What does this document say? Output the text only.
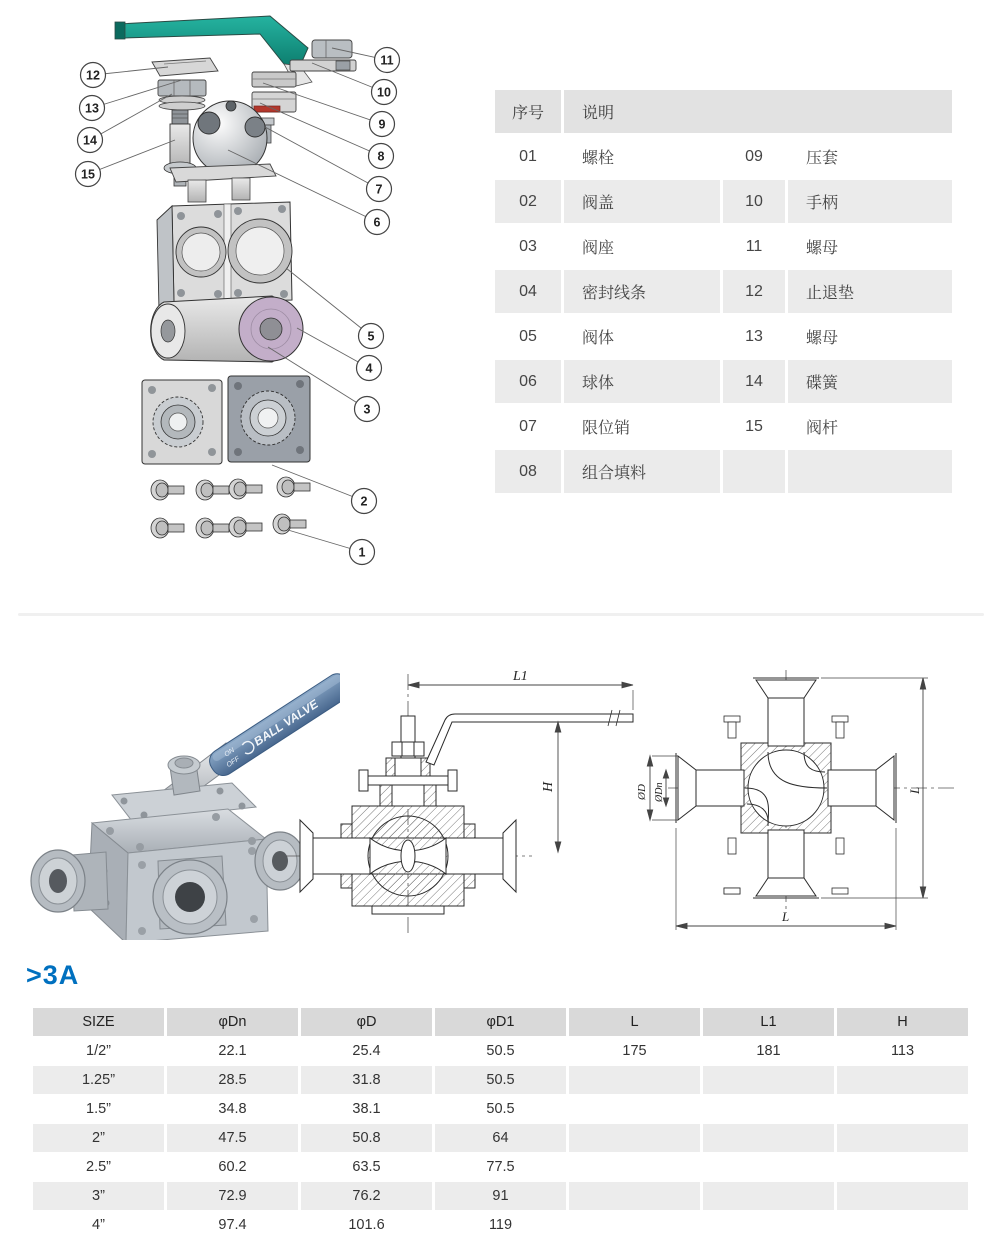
1
2
3
4
5
6
7
8
9
10
11
12
13
14
15
序号	说明		
01	螺栓	09	压套
02	阀盖	10	手柄
03	阀座	11	螺母
04	密封线条	12	止退垫
05	阀体	13	螺母
06	球体	14	碟簧
07	限位销	15	阀杆
08	组合填料		
ON
OFF
BALL VALVE
L1
H	ØD ØDn	L
L
>3A
SIZE	φDn	φD	φD1	L	L1	H
1/2”	22.1	25.4	50.5	175	181	113
1.25”	28.5	31.8	50.5			
1.5”	34.8	38.1	50.5			
2”	47.5	50.8	64			
2.5”	60.2	63.5	77.5			
3”	72.9	76.2	91			
4”	97.4	101.6	119			
